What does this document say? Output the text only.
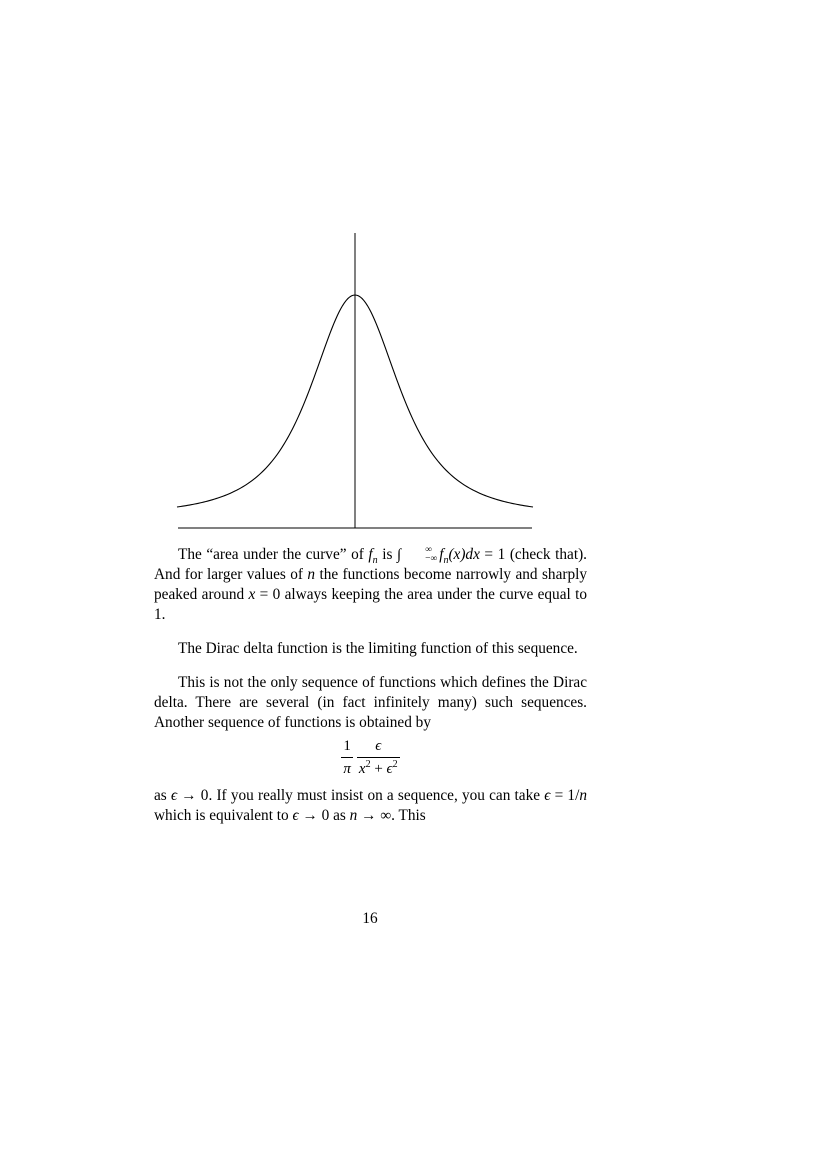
The “area under the curve” of $f_n$ is ∫	∞
−∞ $f_n(x)dx = 1$ (check that). And for larger values of n the functions become narrowly and sharply peaked around x = 0 always keeping the area under the curve equal to 1.

The Dirac delta function is the limiting function of this sequence.

This is not the only sequence of functions which defines the Dirac delta. There are several (in fact infinitely many) such sequences. Another sequence of functions is obtained by

$\frac{1}{\pi} \frac{\epsilon}{x^2 + \epsilon^2}$

as ϵ → 0. If you really must insist on a sequence, you can take ϵ = 1/n which is equivalent to ϵ → 0 as n → ∞. This

16
